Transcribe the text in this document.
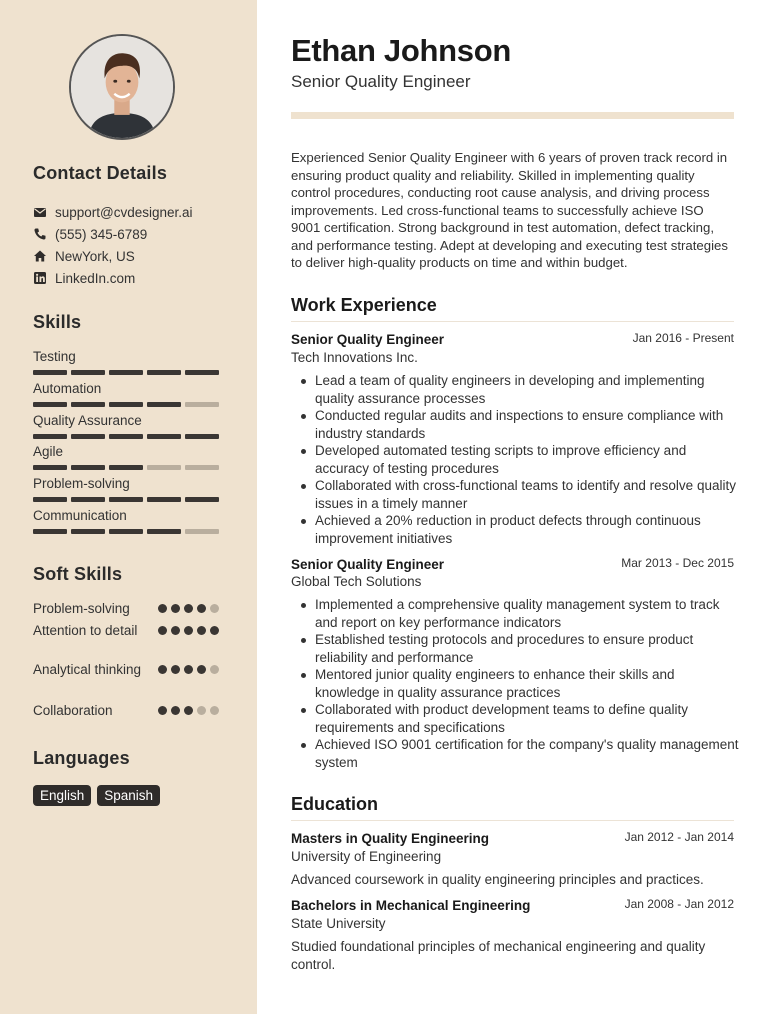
Contact Details
support@cvdesigner.ai
(555) 345-6789
NewYork, US
LinkedIn.com
Skills
Testing
Automation
Quality Assurance
Agile
Problem-solving
Communication
Soft Skills
Problem-solving
Attention to detail
Analytical thinking
Collaboration
Languages
English	Spanish
Ethan Johnson
Senior Quality Engineer
Experienced Senior Quality Engineer with 6 years of proven track record in ensuring product quality and reliability. Skilled in implementing quality control procedures, conducting root cause analysis, and driving process improvements. Led cross-functional teams to successfully achieve ISO 9001 certification. Strong background in test automation, defect tracking, and performance testing. Adept at developing and executing test strategies to deliver high-quality products on time and within budget.
Work Experience
Senior Quality Engineer	Jan 2016 - Present
Tech Innovations Inc.
Lead a team of quality engineers in developing and implementing quality assurance processes
Conducted regular audits and inspections to ensure compliance with industry standards
Developed automated testing scripts to improve efficiency and accuracy of testing procedures
Collaborated with cross-functional teams to identify and resolve quality issues in a timely manner
Achieved a 20% reduction in product defects through continuous improvement initiatives
Senior Quality Engineer	Mar 2013 - Dec 2015
Global Tech Solutions
Implemented a comprehensive quality management system to track and report on key performance indicators
Established testing protocols and procedures to ensure product reliability and performance
Mentored junior quality engineers to enhance their skills and knowledge in quality assurance practices
Collaborated with product development teams to define quality requirements and specifications
Achieved ISO 9001 certification for the company's quality management system
Education
Masters in Quality Engineering	Jan 2012 - Jan 2014
University of Engineering
Advanced coursework in quality engineering principles and practices.
Bachelors in Mechanical Engineering	Jan 2008 - Jan 2012
State University
Studied foundational principles of mechanical engineering and quality control.
